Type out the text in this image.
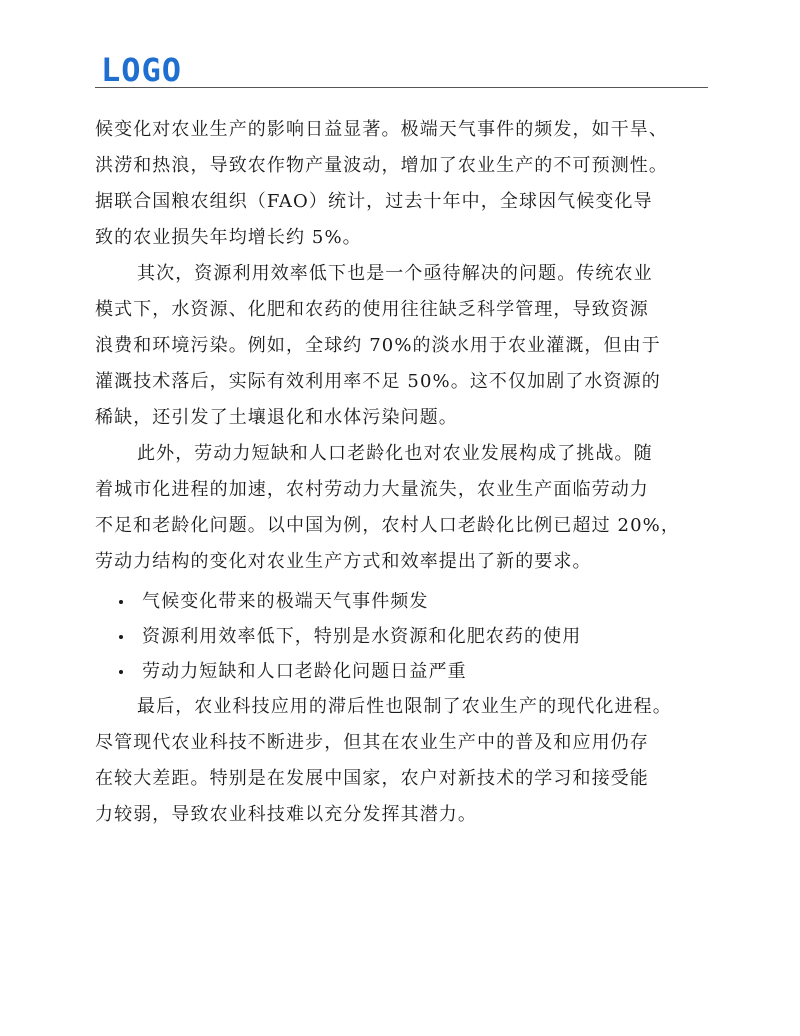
LOGO
候变化对农业生产的影响日益显著。极端天气事件的频发，如干旱、
洪涝和热浪，导致农作物产量波动，增加了农业生产的不可预测性。
据联合国粮农组织（FAO）统计，过去十年中，全球因气候变化导
致的农业损失年均增长约 5%。
其次，资源利用效率低下也是一个亟待解决的问题。传统农业
模式下，水资源、化肥和农药的使用往往缺乏科学管理，导致资源
浪费和环境污染。例如，全球约 70%的淡水用于农业灌溉，但由于
灌溉技术落后，实际有效利用率不足 50%。这不仅加剧了水资源的
稀缺，还引发了土壤退化和水体污染问题。
此外，劳动力短缺和人口老龄化也对农业发展构成了挑战。随
着城市化进程的加速，农村劳动力大量流失，农业生产面临劳动力
不足和老龄化问题。以中国为例，农村人口老龄化比例已超过 20%，
劳动力结构的变化对农业生产方式和效率提出了新的要求。
气候变化带来的极端天气事件频发
资源利用效率低下，特别是水资源和化肥农药的使用
劳动力短缺和人口老龄化问题日益严重
最后，农业科技应用的滞后性也限制了农业生产的现代化进程。
尽管现代农业科技不断进步，但其在农业生产中的普及和应用仍存
在较大差距。特别是在发展中国家，农户对新技术的学习和接受能
力较弱，导致农业科技难以充分发挥其潜力。
